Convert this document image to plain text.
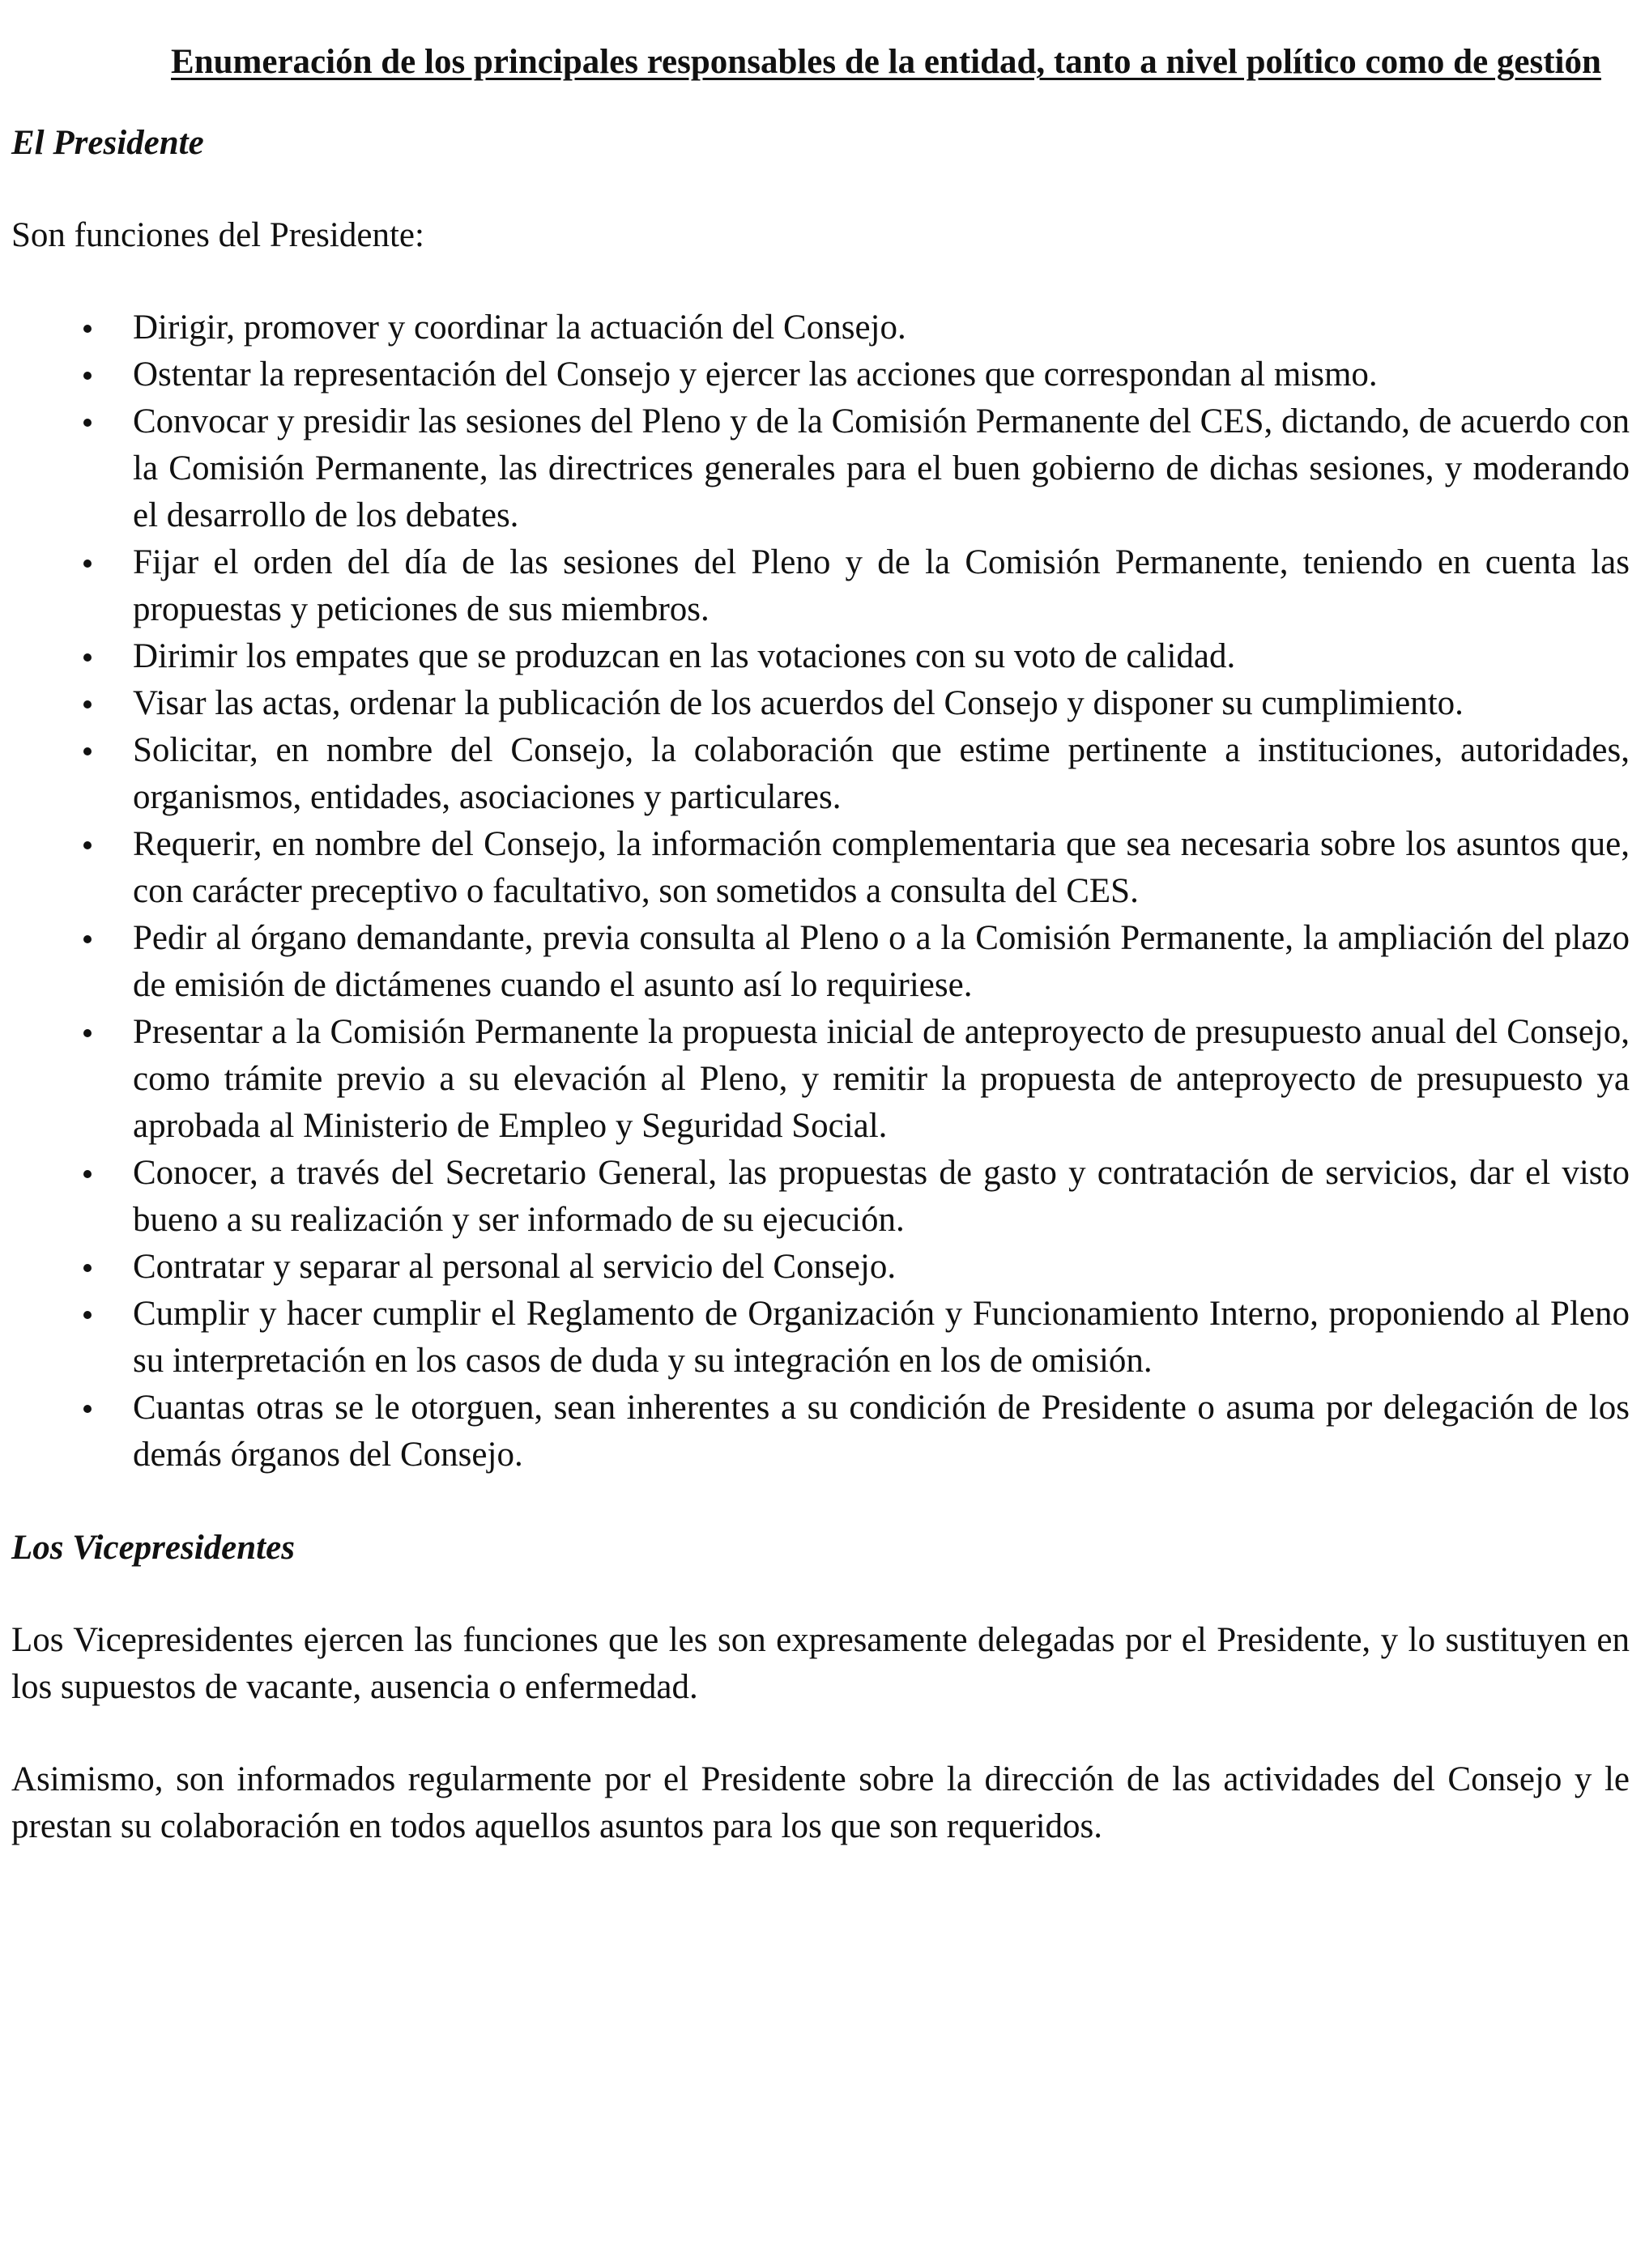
Enumeración de los principales responsables de la entidad, tanto a nivel político como de gestión
El Presidente

Son funciones del Presidente:

Dirigir, promover y coordinar la actuación del Consejo.
Ostentar la representación del Consejo y ejercer las acciones que correspondan al mismo.
Convocar y presidir las sesiones del Pleno y de la Comisión Permanente del CES, dictando, de acuerdo con la Comisión Permanente, las directrices generales para el buen gobierno de dichas sesiones, y moderando el desarrollo de los debates.
Fijar el orden del día de las sesiones del Pleno y de la Comisión Permanente, teniendo en cuenta las propuestas y peticiones de sus miembros.
Dirimir los empates que se produzcan en las votaciones con su voto de calidad.
Visar las actas, ordenar la publicación de los acuerdos del Consejo y disponer su cumplimiento.
Solicitar, en nombre del Consejo, la colaboración que estime pertinente a instituciones, autoridades, organismos, entidades, asociaciones y particulares.
Requerir, en nombre del Consejo, la información complementaria que sea necesaria sobre los asuntos que, con carácter preceptivo o facultativo, son sometidos a consulta del CES.
Pedir al órgano demandante, previa consulta al Pleno o a la Comisión Permanente, la ampliación del plazo de emisión de dictámenes cuando el asunto así lo requiriese.
Presentar a la Comisión Permanente la propuesta inicial de anteproyecto de presupuesto anual del Consejo, como trámite previo a su elevación al Pleno, y remitir la propuesta de anteproyecto de presupuesto ya aprobada al Ministerio de Empleo y Seguridad Social.
Conocer, a través del Secretario General, las propuestas de gasto y contratación de servicios, dar el visto bueno a su realización y ser informado de su ejecución.
Contratar y separar al personal al servicio del Consejo.
Cumplir y hacer cumplir el Reglamento de Organización y Funcionamiento Interno, proponiendo al Pleno su interpretación en los casos de duda y su integración en los de omisión.
Cuantas otras se le otorguen, sean inherentes a su condición de Presidente o asuma por delegación de los demás órganos del Consejo.
Los Vicepresidentes

Los Vicepresidentes ejercen las funciones que les son expresamente delegadas por el Presidente, y lo sustituyen en los supuestos de vacante, ausencia o enfermedad.

Asimismo, son informados regularmente por el Presidente sobre la dirección de las actividades del Consejo y le prestan su colaboración en todos aquellos asuntos para los que son requeridos.
